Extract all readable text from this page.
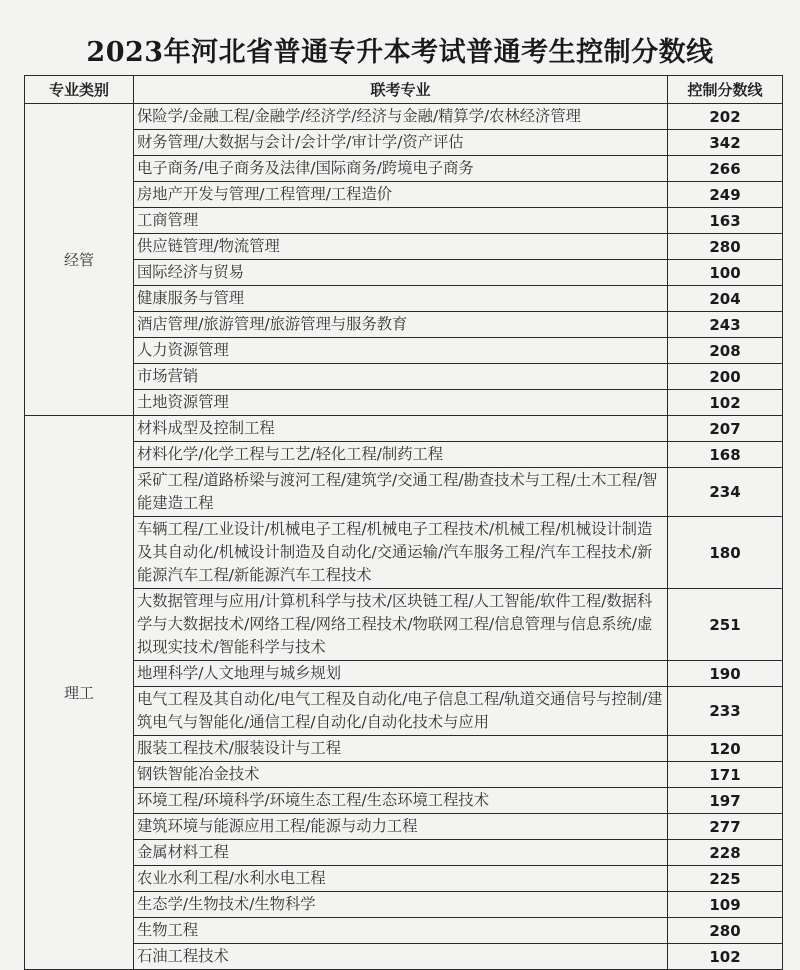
2023年河北省普通专升本考试普通考生控制分数线
专业类别	联考专业	控制分数线
经管	保险学/金融工程/金融学/经济学/经济与金融/精算学/农林经济管理	202
	财务管理/大数据与会计/会计学/审计学/资产评估	342
	电子商务/电子商务及法律/国际商务/跨境电子商务	266
	房地产开发与管理/工程管理/工程造价	249
	工商管理	163
	供应链管理/物流管理	280
	国际经济与贸易	100
	健康服务与管理	204
	酒店管理/旅游管理/旅游管理与服务教育	243
	人力资源管理	208
	市场营销	200
	土地资源管理	102
理工	材料成型及控制工程	207
	材料化学/化学工程与工艺/轻化工程/制药工程	168
	采矿工程/道路桥梁与渡河工程/建筑学/交通工程/勘查技术与工程/土木工程/智能建造工程	234
	车辆工程/工业设计/机械电子工程/机械电子工程技术/机械工程/机械设计制造及其自动化/机械设计制造及自动化/交通运输/汽车服务工程/汽车工程技术/新能源汽车工程/新能源汽车工程技术	180
	大数据管理与应用/计算机科学与技术/区块链工程/人工智能/软件工程/数据科学与大数据技术/网络工程/网络工程技术/物联网工程/信息管理与信息系统/虚拟现实技术/智能科学与技术	251
	地理科学/人文地理与城乡规划	190
	电气工程及其自动化/电气工程及自动化/电子信息工程/轨道交通信号与控制/建筑电气与智能化/通信工程/自动化/自动化技术与应用	233
	服装工程技术/服装设计与工程	120
	钢铁智能冶金技术	171
	环境工程/环境科学/环境生态工程/生态环境工程技术	197
	建筑环境与能源应用工程/能源与动力工程	277
	金属材料工程	228
	农业水利工程/水利水电工程	225
	生态学/生物技术/生物科学	109
	生物工程	280
	石油工程技术	102
